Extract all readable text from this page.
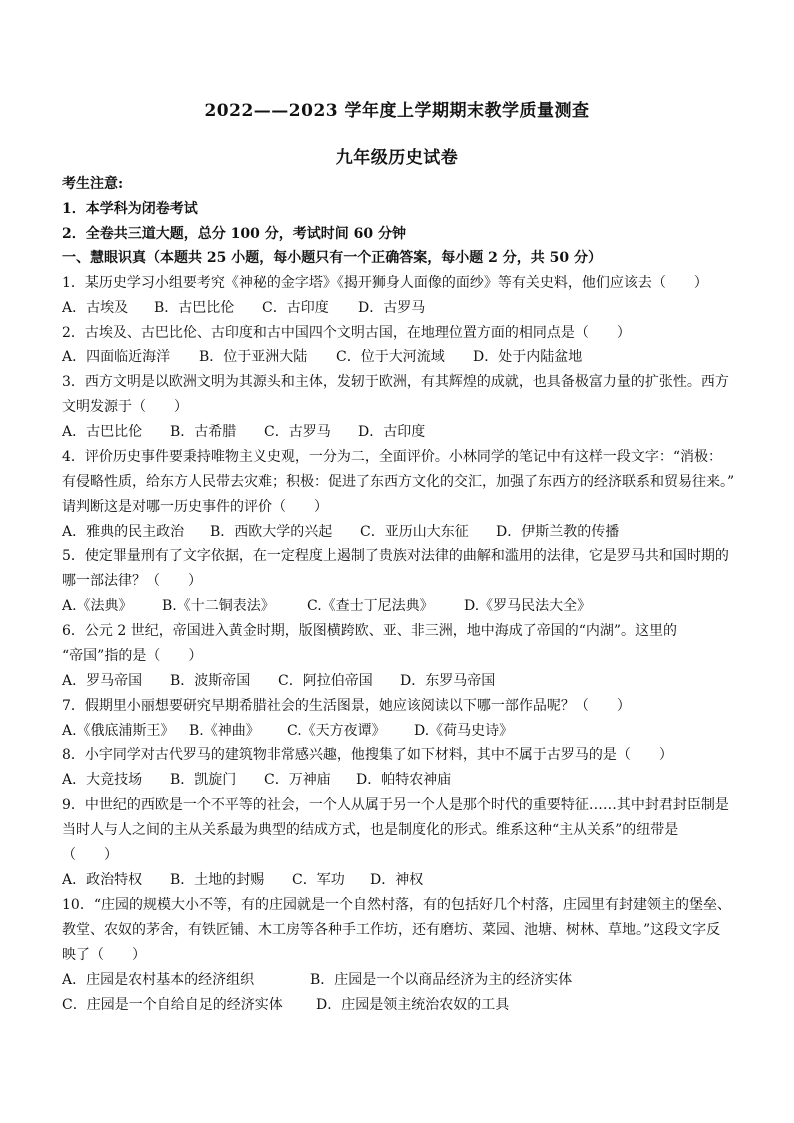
2022——2023 学年度上学期期末教学质量测查
九年级历史试卷
考生注意:
1．本学科为闭卷考试
2．全卷共三道大题，总分 100 分，考试时间 60 分钟
一、慧眼识真（本题共 25 小题，每小题只有一个正确答案，每小题 2 分，共 50 分）
1．某历史学习小组要考究《神秘的金字塔》《揭开狮身人面像的面纱》等有关史料，他们应该去（　　）
A．古埃及	B．古巴比伦	C．古印度	D．古罗马
2．古埃及、古巴比伦、古印度和古中国四个文明古国，在地理位置方面的相同点是（　　）
A．四面临近海洋	B．位于亚洲大陆	C．位于大河流域	D．处于内陆盆地
3．西方文明是以欧洲文明为其源头和主体，发轫于欧洲，有其辉煌的成就，也具备极富力量的扩张性。西方
文明发源于（　　）
A．古巴比伦	B．古希腊	C．古罗马	D．古印度
4．评价历史事件要秉持唯物主义史观，一分为二，全面评价。小林同学的笔记中有这样一段文字：“消极：
有侵略性质，给东方人民带去灾难；积极：促进了东西方文化的交汇，加强了东西方的经济联系和贸易往来。”
请判断这是对哪一历史事件的评价（　　）
A．雅典的民主政治	B．西欧大学的兴起	C．亚历山大东征	D．伊斯兰教的传播
5．使定罪量刑有了文字依据，在一定程度上遏制了贵族对法律的曲解和滥用的法律，它是罗马共和国时期的
哪一部法律？（　　）
A.《法典》	B.《十二铜表法》	C.《查士丁尼法典》	D.《罗马民法大全》
6．公元 2 世纪，帝国进入黄金时期，版图横跨欧、亚、非三洲，地中海成了帝国的“内湖”。这里的
“帝国”指的是（　　）
A．罗马帝国	B．波斯帝国	C．阿拉伯帝国	D．东罗马帝国
7．假期里小丽想要研究早期希腊社会的生活图景，她应该阅读以下哪一部作品呢？（　　）
A.《俄底浦斯王》	B.《神曲》	C.《天方夜谭》	D.《荷马史诗》
8．小宇同学对古代罗马的建筑物非常感兴趣，他搜集了如下材料，其中不属于古罗马的是（　　）
A．大竞技场	B．凯旋门	C．万神庙	D．帕特农神庙
9．中世纪的西欧是一个不平等的社会，一个人从属于另一个人是那个时代的重要特征……其中封君封臣制是
当时人与人之间的主从关系最为典型的结成方式，也是制度化的形式。维系这种“主从关系”的纽带是
（　　）
A．政治特权	B．土地的封赐	C．军功	D．神权
10．“庄园的规模大小不等，有的庄园就是一个自然村落，有的包括好几个村落，庄园里有封建领主的堡垒、
教堂、农奴的茅舍，有铁匠铺、木工房等各种手工作坊，还有磨坊、菜园、池塘、树林、草地。”这段文字反
映了（　　）
A．庄园是农村基本的经济组织	B．庄园是一个以商品经济为主的经济实体
C．庄园是一个自给自足的经济实体	D．庄园是领主统治农奴的工具
